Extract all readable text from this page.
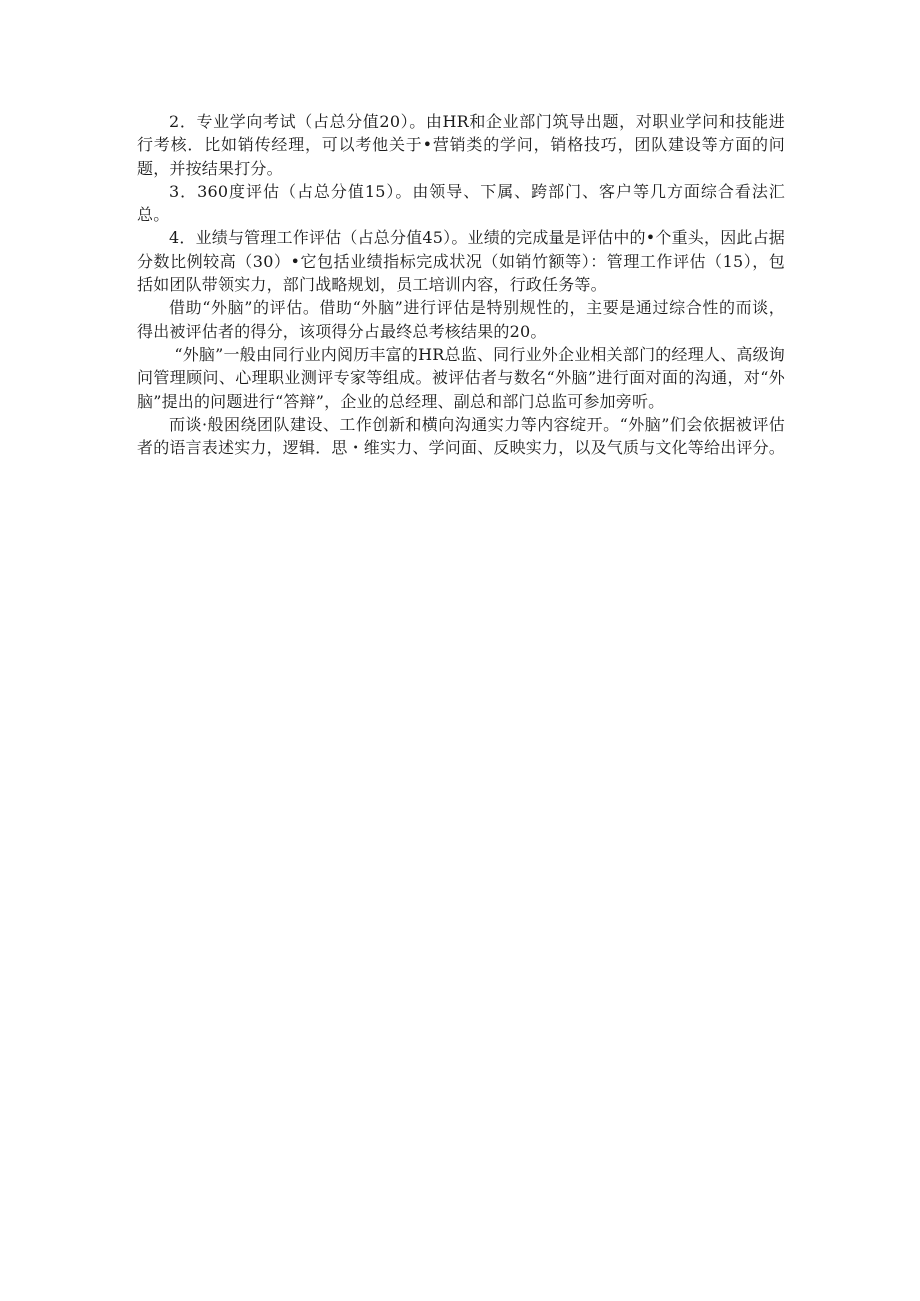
2．专业学向考试（占总分值20）。由HR和企业部门筑导出题，对职业学问和技能进行考核．比如销传经理，可以考他关于•营销类的学问，销格技巧，团队建设等方面的问题，并按结果打分。

3．360度评估（占总分值15）。由领导、下属、跨部门、客户等几方面综合看法汇总。

4．业绩与管理工作评估（占总分值45）。业绩的完成量是评估中的•个重头，因此占据分数比例较高（30）•它包括业绩指标完成状况（如销竹额等）：管理工作评估（15），包括如团队带领实力，部门战略规划，员工培训内容，行政任务等。

借助“外脑”的评估。借助“外脑”进行评估是特别规性的，主要是通过综合性的而谈，得出被评估者的得分，该项得分占最终总考核结果的20。

“外脑”一般由同行业内阅历丰富的HR总监、同行业外企业相关部门的经理人、高级询问管理顾问、心理职业测评专家等组成。被评估者与数名“外脑”进行面对面的沟通，对“外脑”提出的问题进行“答辩”，企业的总经理、副总和部门总监可参加旁听。

而谈·般困绕团队建设、工作创新和横向沟通实力等内容绽开。“外脑”们会依据被评估者的语言表述实力，逻辑．思・维实力、学问面、反映实力，以及气质与文化等给出评分。
